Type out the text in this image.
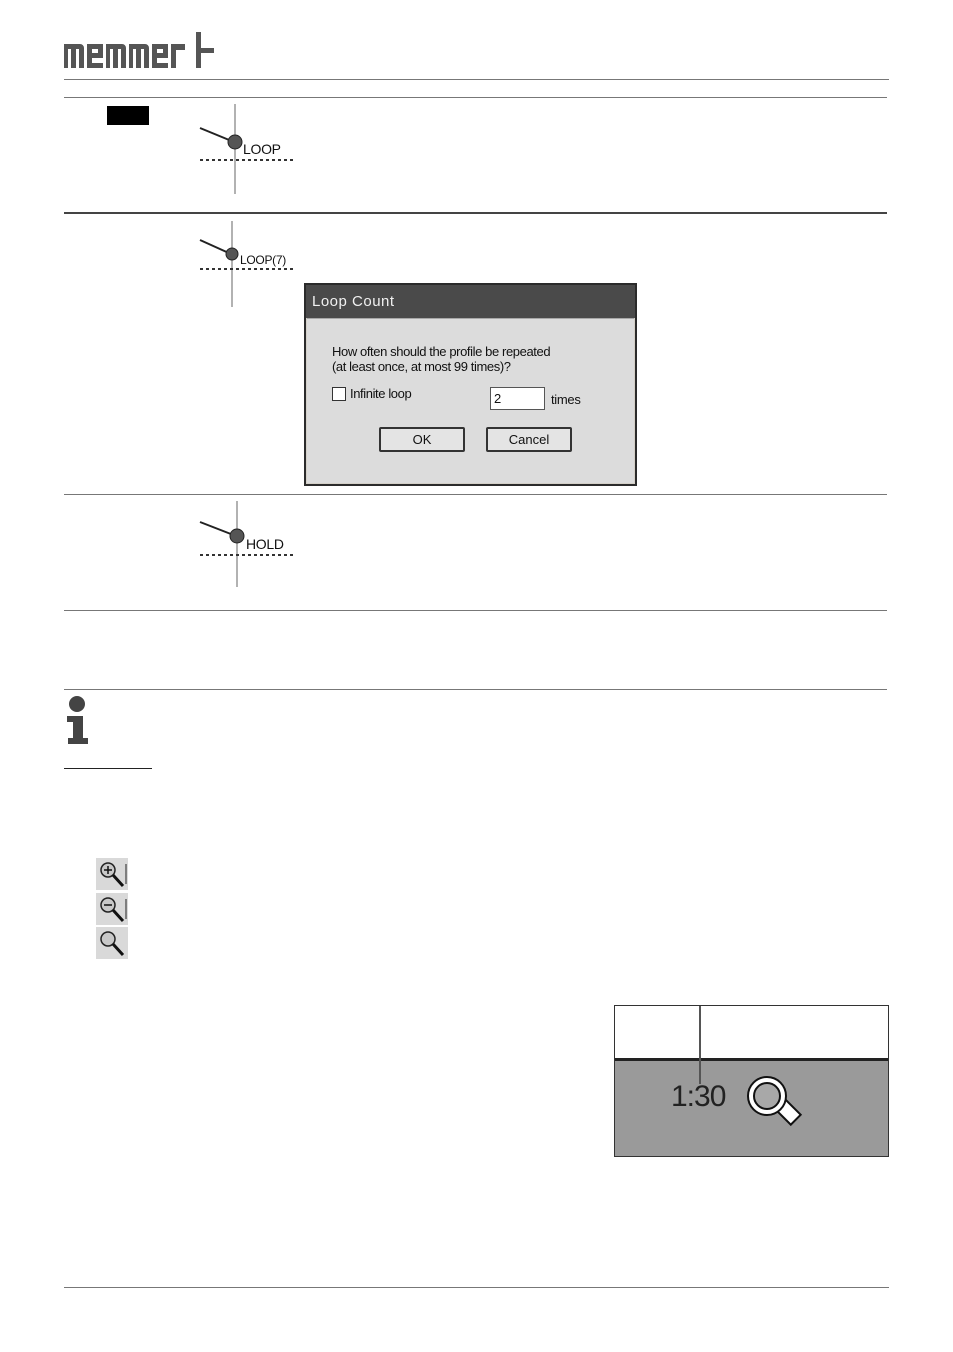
LOOP
LOOP(7)
Loop Count
How often should the profile be repeated
(at least once, at most 99 times)?
Infinite loop	2	times
OK	Cancel
HOLD
1:30
